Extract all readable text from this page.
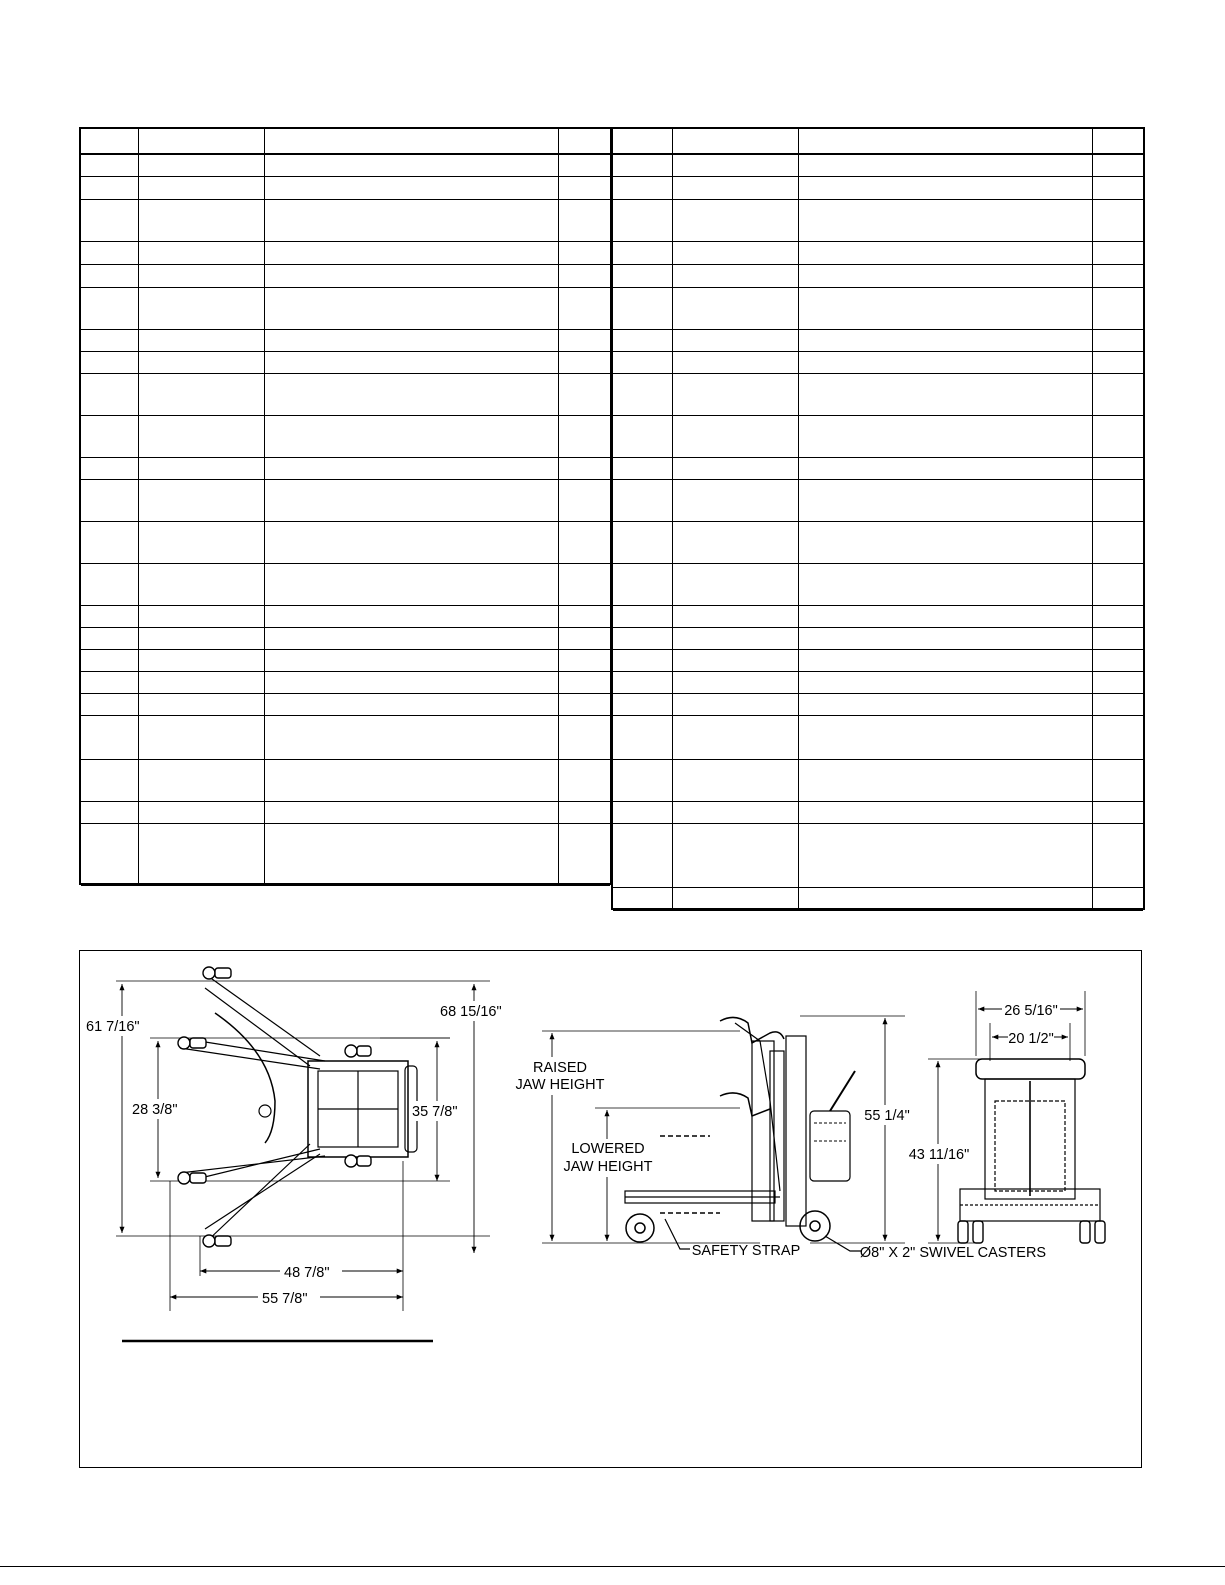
61 7/16"
28 3/8"
68 15/16"
35 7/8"
48 7/8"
55 7/8"
RAISED
JAW HEIGHT
LOWERED
JAW HEIGHT
55 1/4"
SAFETY STRAP	Ø8" X 2" SWIVEL CASTERS
26 5/16"
20 1/2"
43 11/16"
